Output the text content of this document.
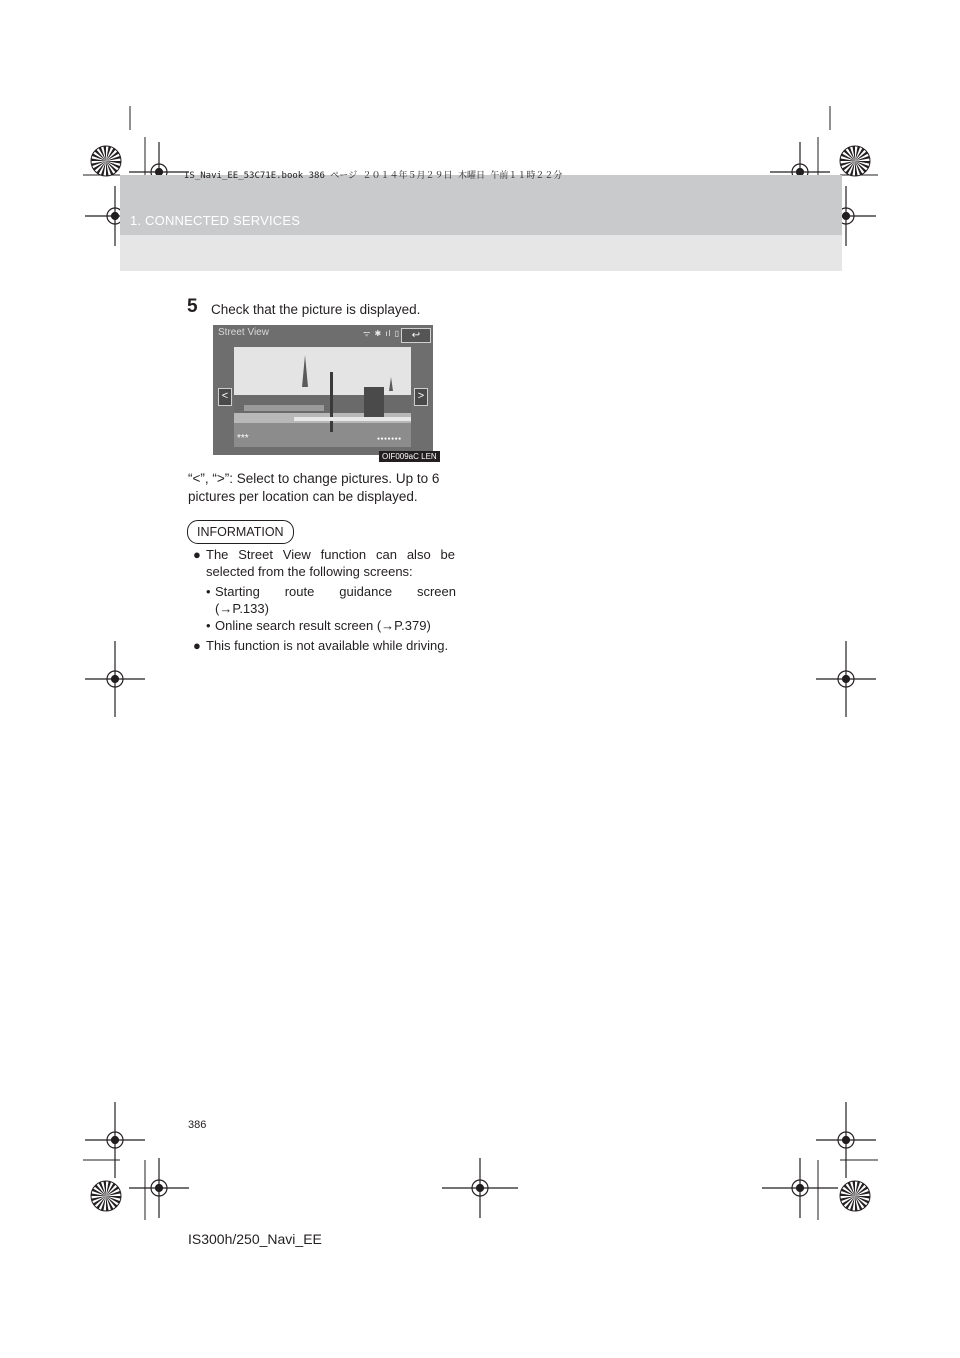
1. CONNECTED SERVICES
IS_Navi_EE_53C71E.book 386 ページ ２０１４年５月２９日 木曜日 午前１１時２２分
5 Check that the picture is displayed.
Street View	ᯤ ✱ ıl ▯	↩
<	>
***	●●●●●●●
OIF009aC LEN
“<”, “>”: Select to change pictures. Up to 6 pictures per location can be displayed.
INFORMATION
● The Street View function can also be
selected from the following screens:
• Starting route guidance screen
(→P.133)
• Online search result screen (→P.379)
● This function is not available while driving.
386
IS300h/250_Navi_EE
